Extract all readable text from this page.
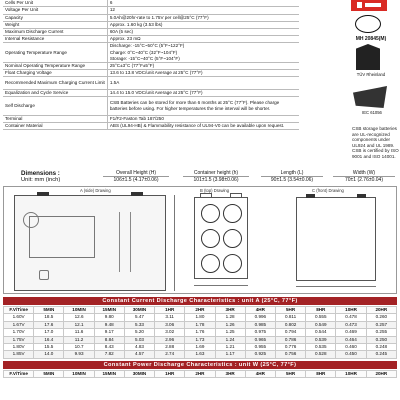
Cells Per Unit	6
Voltage Per Unit	12
Capacity	5.0Ah@20hr-rate to 1.75V per cell@25°C (77°F)
Weight	Approx. 1.60 kg (3.53 lbs)
Maximum Discharge Current	60A (5 sec)
Internal Resistance	Approx. 23 mΩ
Operating Temperature Range	Discharge: -15°C~50°C (5°F~122°F)
Charge: 0°C~40°C (32°F~104°F)
Storage: -15°C~40°C (5°F~104°F)
Nominal Operating Temperature Range	25°C±3°C (77°F±5°F)
Float Charging Voltage	13.6 to 13.8 VDC/unit Average at 25°C (77°F)
Recommended Maximum Charging Current Limit	1.5A
Equalization and Cycle Service	14.4 to 15.0 VDC/unit Average at 25°C (77°F)
Self Discharge	CSB Batteries can be stored for more than 6 months at 25°C (77°F). Please charge batteries before using. For higher temperatures the time interval will be shorter.
Terminal	F1/F2-Faston Tab 187/250
Container Material	ABS (UL94-HB) & Flammability resistance of UL94-V0 can be available upon request.
MH 20845(M)
TÜV Rheinland
IEC 61056
CSB storage batteries are UL-recognized components under UL924 and UL 1989. CSB is certified by ISO 9001 and ISO 14001.
Dimensions :
Unit: mm (inch)
Overall Height (H)
106±1.5 (4.17±0.06)
Container height (h)
101±1.5 (3.98±0.06)
Length (L)
90±1.5 (3.54±0.06)
Width (W)
70±1 (2.76±0.04)
A (side) Drawing	B (top) Drawing	C (front) Drawing
Constant Current Discharge Characteristics : unit A (25°C, 77°F)
F.V/Time	5MIN	10MIN	15MIN	30MIN	1HR	2HR	3HR	4HR	5HR	8HR	10HR	20HR
1.60V	18.5	12.6	9.80	5.47	3.11	1.80	1.28	0.996	0.811	0.555	0.478	0.260
1.67V	17.6	12.1	9.48	5.33	3.06	1.78	1.26	0.985	0.802	0.549	0.473	0.257
1.70V	17.0	11.6	9.17	5.20	3.02	1.76	1.25	0.975	0.794	0.544	0.469	0.255
1.75V	16.4	11.2	8.84	5.03	2.96	1.73	1.24	0.965	0.786	0.539	0.464	0.250
1.80V	15.5	10.7	8.43	4.83	2.88	1.69	1.21	0.955	0.776	0.535	0.460	0.248
1.85V	14.0	9.93	7.82	4.57	2.74	1.63	1.17	0.925	0.756	0.528	0.450	0.245
Constant Power Discharge Characteristics : unit W (25°C, 77°F)
F.V/Time	5MIN	10MIN	15MIN	30MIN	1HR	2HR	3HR	4HR	5HR	8HR	10HR	20HR
